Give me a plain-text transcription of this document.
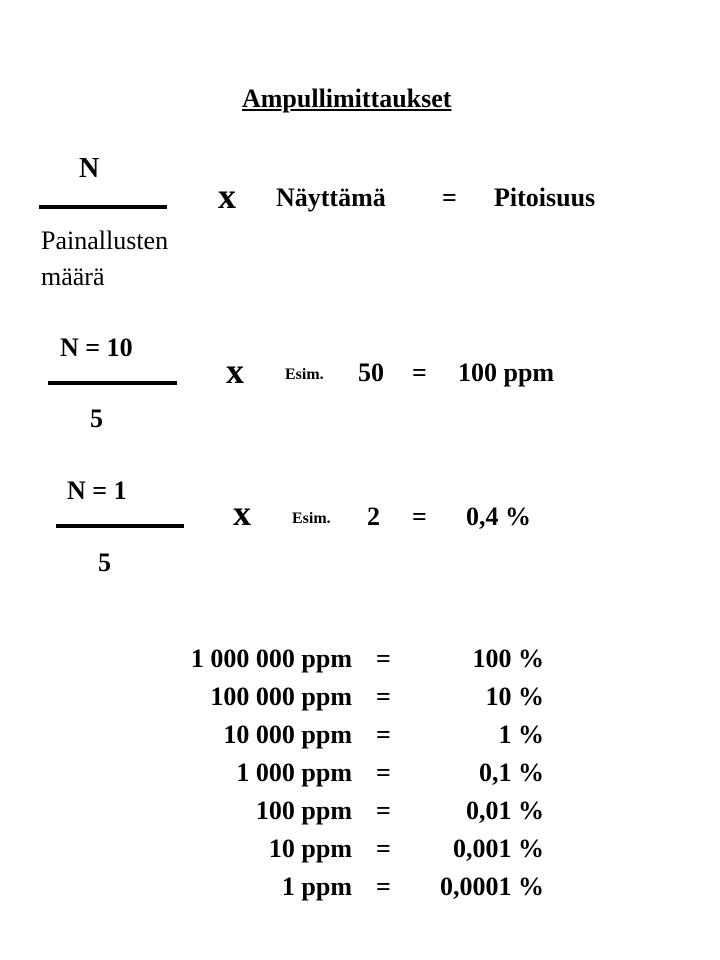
Ampullimittaukset
N
Painallusten
määrä
x Näyttämä = Pitoisuus
N = 10
5
x	Esim. 50 = 100 ppm
N = 1
5
x	Esim. 2 = 0,4 %
1 000 000 ppm =	100 %
100 000 ppm =	10 %
10 000 ppm =	1 %
1 000 ppm =	0,1 %
100 ppm =	0,01 %
10 ppm = 0,001 %
1 ppm = 0,0001 %
